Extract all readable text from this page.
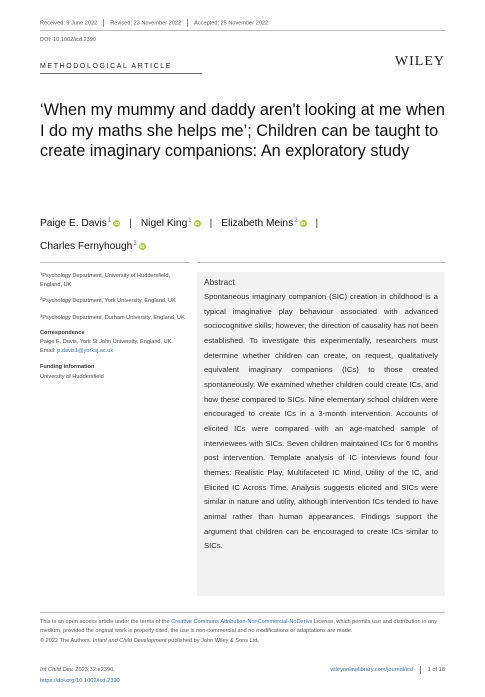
Received: 9 June 2022 Revised: 23 November 2022 Accepted: 25 November 2022
DOI: 10.1002/icd.2390
METHODOLOGICAL ARTICLE	WILEY
‘When my mummy and daddy aren't looking at me when I do my maths she helps me’; Children can be taught to create imaginary companions: An exploratory study
Paige E. Davis$^1$ iD | Nigel King$^1$ iD | Elizabeth Meins$^2$ iD |
Charles Fernyhough$^3$ iD
$^1$Psychology Department, University of Huddersfield, England, UK
$^2$Psychology Department, York University, England, UK
$^3$Psychology Department, Durham University, England, UK
Correspondence
Paige E. Davis, York St John University, England, UK.
Email: p.davis1@yorksj.ac.uk
Funding information
University of Huddersfield
Abstract
Spontaneous imaginary companion (SIC) creation in childhood is a typical imaginative play behaviour associated with advanced sociocognitive skills; however, the direction of causality has not been established. To investigate this experimentally, researchers must determine whether children can create, on request, qualitatively equivalent imaginary companions (ICs) to those created spontaneously. We examined whether children could create ICs, and how these compared to SICs. Nine elementary school children were encouraged to create ICs in a 3-month intervention. Accounts of elicited ICs were compared with an age-matched sample of interviewees with SICs. Seven children maintained ICs for 6 months post intervention. Template analysis of IC interviews found four themes: Realistic Play, Multifaceted IC Mind, Utility of the IC, and Elicited IC Across Time. Analysis suggests elicited and SICs were similar in nature and utility, although intervention ICs tended to have animal rather than human appearances. Findings support the argument that children can be encouraged to create ICs similar to SICs.
This is an open access article under the terms of the Creative Commons Attribution-NonCommercial-NoDerivs License, which permits use and distribution in any medium, provided the original work is properly cited, the use is non-commercial and no modifications or adaptations are made.
© 2022 The Authors. Infant and Child Development published by John Wiley & Sons Ltd.
Inf Child Dev. 2023;32:e2390.
https://doi.org/10.1002/icd.2390
wileyonlinelibrary.com/journal/icd	1 of 18
